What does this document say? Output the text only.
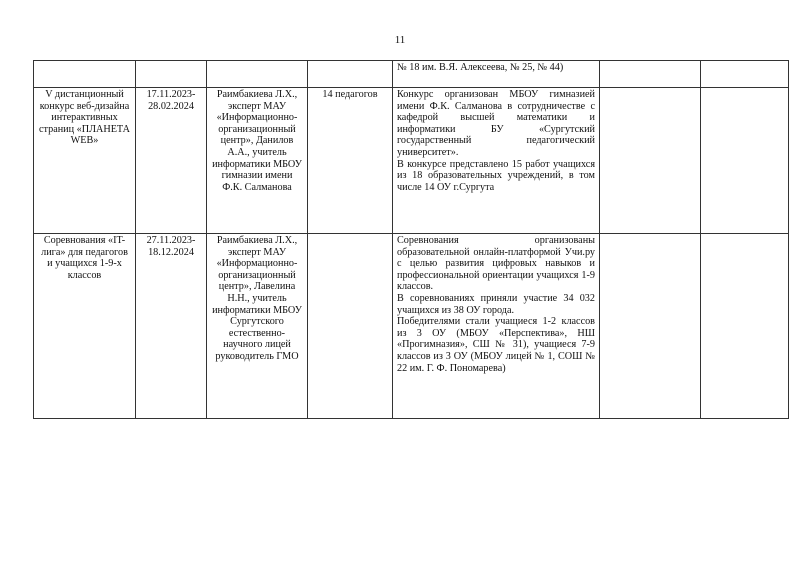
11
				№ 18 им. В.Я. Алексеева, № 25, № 44)		
V дистанционный конкурс веб-дизайна интерактивных страниц «ПЛАНЕТА WEB»	17.11.2023-28.02.2024	Раимбакиева Л.Х., эксперт МАУ «Информационно-организационный центр», Данилов А.А., учитель информатики МБОУ гимназии имени Ф.К. Салманова	14 педагогов	Конкурс организован МБОУ гимназией имени Ф.К. Салманова в сотрудничестве с кафедрой высшей математики и информатики БУ «Сургутский государственный педагогический университет».
В конкурсе представлено 15 работ учащихся из 18 образовательных учреждений, в том числе 14 ОУ г.Сургута		

Соревнования «IT-лига» для педагогов и учащихся 1-9-х классов	27.11.2023-18.12.2024	Раимбакиева Л.Х., эксперт МАУ «Информационно-организационный центр», Лавелина Н.Н., учитель информатики МБОУ Сургутского естественно-научного лицей руководитель ГМО		Соревнования организованы образовательной онлайн-платформой Учи.ру с целью развития цифровых навыков и профессиональной ориентации учащихся 1-9 классов.
В соревнованиях приняли участие 34 032 учащихся из 38 ОУ города.
Победителями стали учащиеся 1-2 классов из 3 ОУ (МБОУ «Перспектива», НШ «Прогимназия», СШ № 31), учащиеся 7-9 классов из 3 ОУ (МБОУ лицей № 1, СОШ № 22 им. Г. Ф. Пономарева)		
